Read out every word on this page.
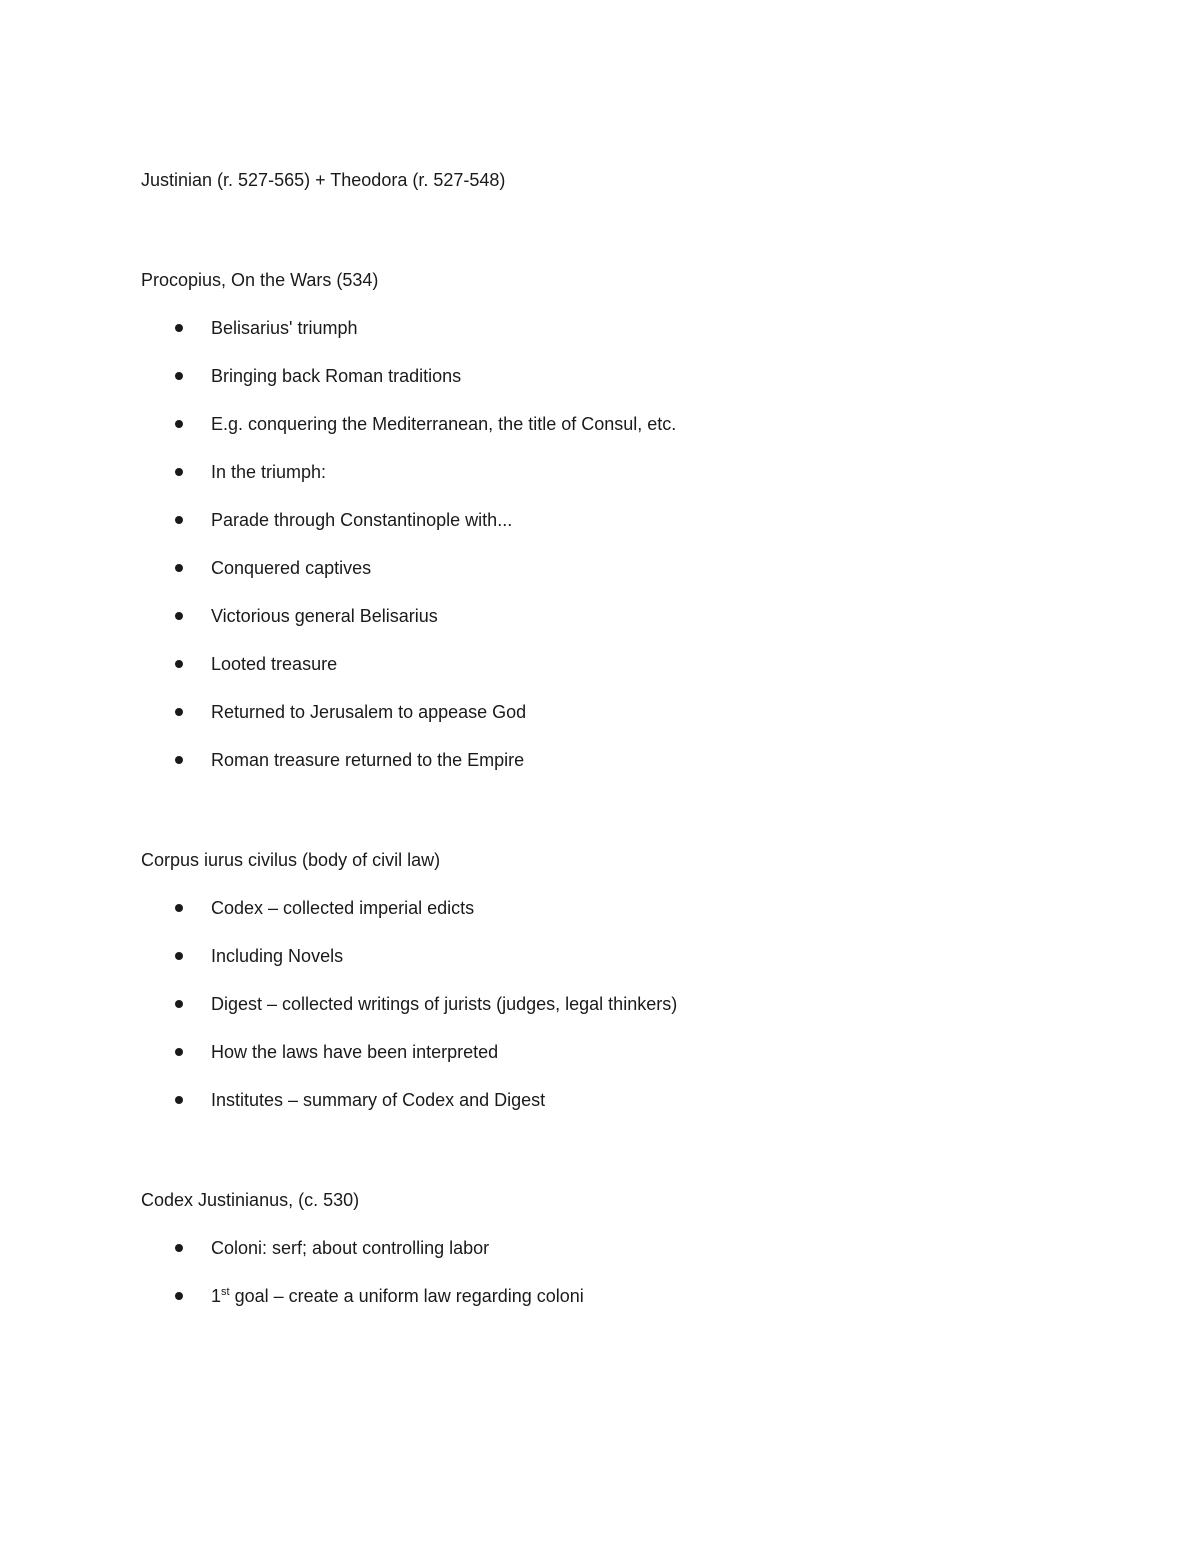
Justinian (r. 527-565) + Theodora (r. 527-548)
Procopius, On the Wars (534)
Belisarius' triumph
Bringing back Roman traditions
E.g. conquering the Mediterranean, the title of Consul, etc.
In the triumph:
Parade through Constantinople with...
Conquered captives
Victorious general Belisarius
Looted treasure
Returned to Jerusalem to appease God
Roman treasure returned to the Empire
Corpus iurus civilus (body of civil law)
Codex – collected imperial edicts
Including Novels
Digest – collected writings of jurists (judges, legal thinkers)
How the laws have been interpreted
Institutes – summary of Codex and Digest
Codex Justinianus, (c. 530)
Coloni: serf; about controlling labor
1st goal – create a uniform law regarding coloni
